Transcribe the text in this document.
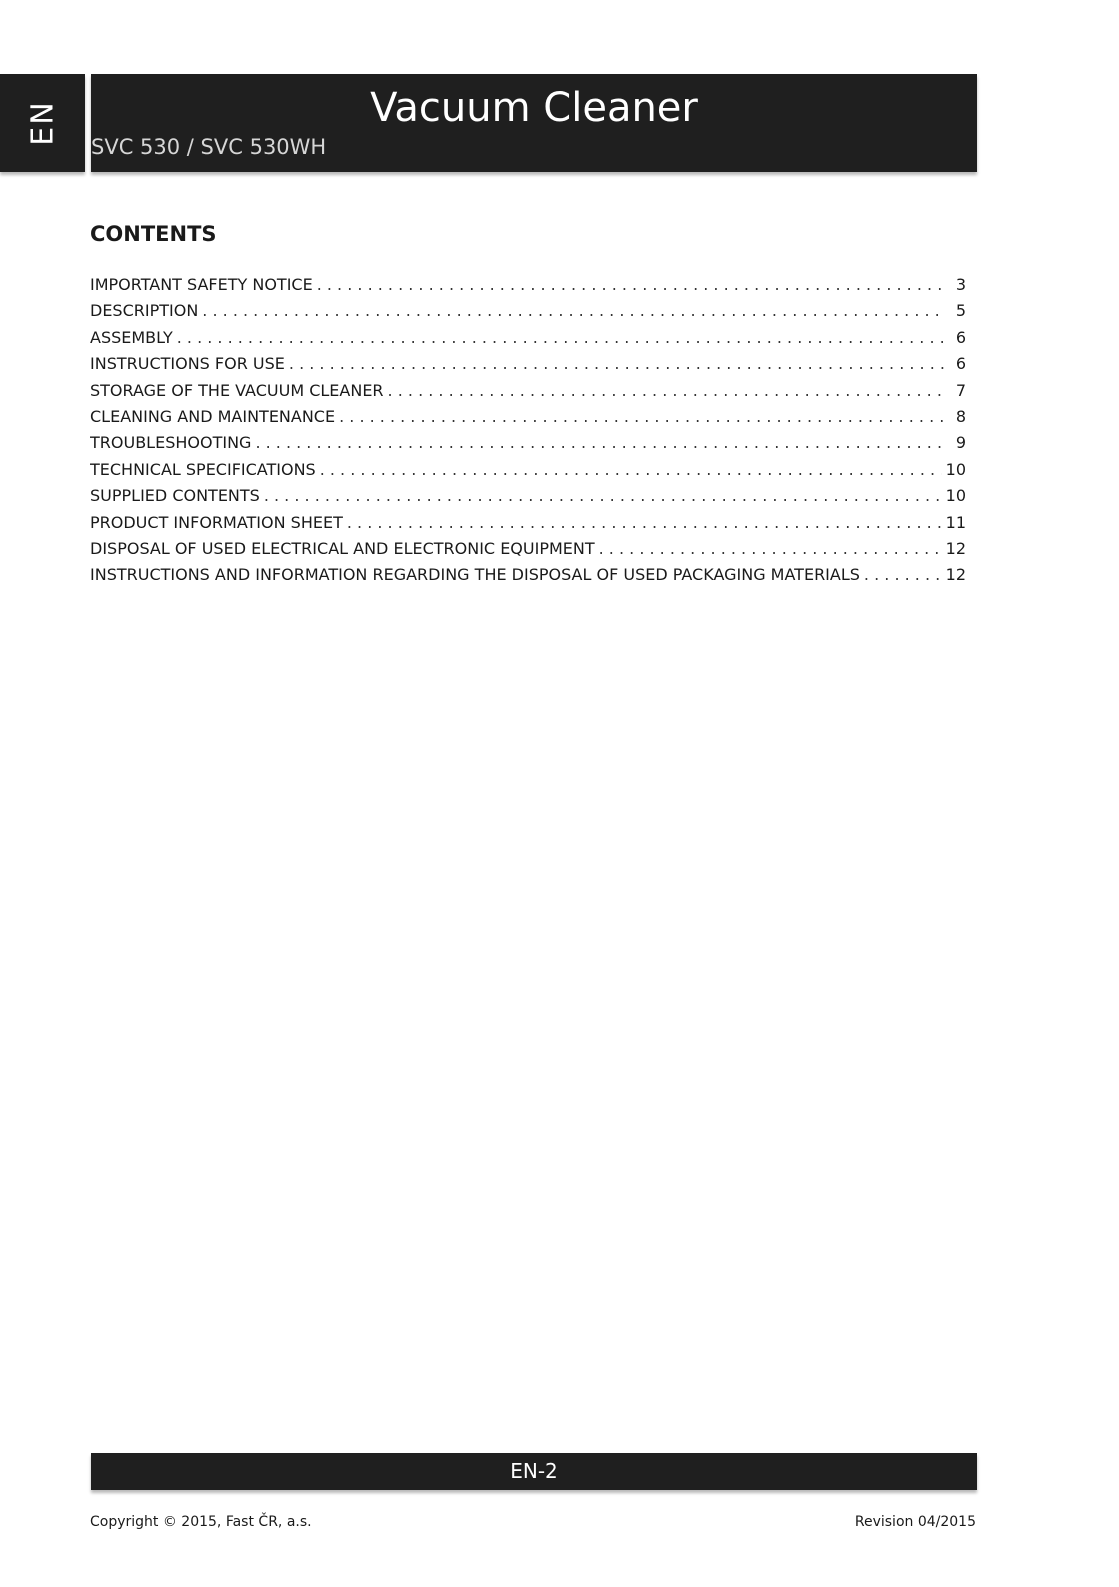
EN	Vacuum Cleaner
SVC 530 / SVC 530WH
CONTENTS
IMPORTANT SAFETY NOTICE . . .	3
DESCRIPTION . . .	5
ASSEMBLY . . .	6
INSTRUCTIONS FOR USE . . .	6
STORAGE OF THE VACUUM CLEANER . . .	7
CLEANING AND MAINTENANCE . . .	8
TROUBLESHOOTING . . .	9
TECHNICAL SPECIFICATIONS . . .	10
SUPPLIED CONTENTS . . .	10
PRODUCT INFORMATION SHEET . . .	11
DISPOSAL OF USED ELECTRICAL AND ELECTRONIC EQUIPMENT . . .	12
INSTRUCTIONS AND INFORMATION REGARDING THE DISPOSAL OF USED PACKAGING MATERIALS . . .	12
EN-2
Copyright © 2015, Fast ČR, a.s.	Revision 04/2015
